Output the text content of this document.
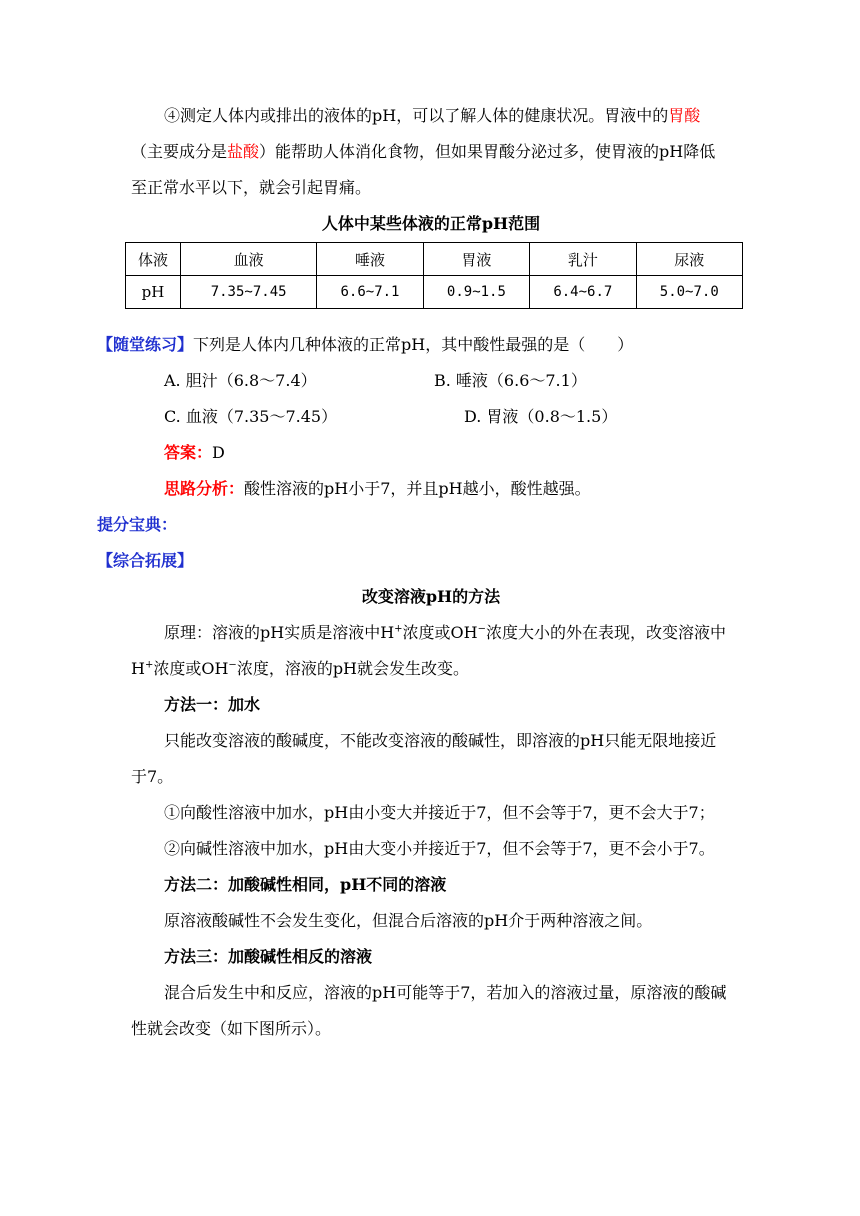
④测定人体内或排出的液体的pH，可以了解人体的健康状况。胃液中的胃酸（主要成分是盐酸）能帮助人体消化食物，但如果胃酸分泌过多，使胃液的pH降低至正常水平以下，就会引起胃痛。

人体中某些体液的正常pH范围

体液	血液	唾液	胃液	乳汁	尿液
pH	7.35~7.45	6.6~7.1	0.9~1.5	6.4~6.7	5.0~7.0

【随堂练习】下列是人体内几种体液的正常pH，其中酸性最强的是（　　）

A. 胆汁（6.8～7.4）	B. 唾液（6.6～7.1）
C. 血液（7.35～7.45）	D. 胃液（0.8～1.5）

答案：D

思路分析：酸性溶液的pH小于7，并且pH越小，酸性越强。

提分宝典：

【综合拓展】

改变溶液pH的方法

原理：溶液的pH实质是溶液中H+浓度或OH−浓度大小的外在表现，改变溶液中H+浓度或OH−浓度，溶液的pH就会发生改变。

方法一：加水

只能改变溶液的酸碱度，不能改变溶液的酸碱性，即溶液的pH只能无限地接近于7。

①向酸性溶液中加水，pH由小变大并接近于7，但不会等于7，更不会大于7；

②向碱性溶液中加水，pH由大变小并接近于7，但不会等于7，更不会小于7。

方法二：加酸碱性相同，pH不同的溶液

原溶液酸碱性不会发生变化，但混合后溶液的pH介于两种溶液之间。

方法三：加酸碱性相反的溶液

混合后发生中和反应，溶液的pH可能等于7，若加入的溶液过量，原溶液的酸碱性就会改变（如下图所示）。
